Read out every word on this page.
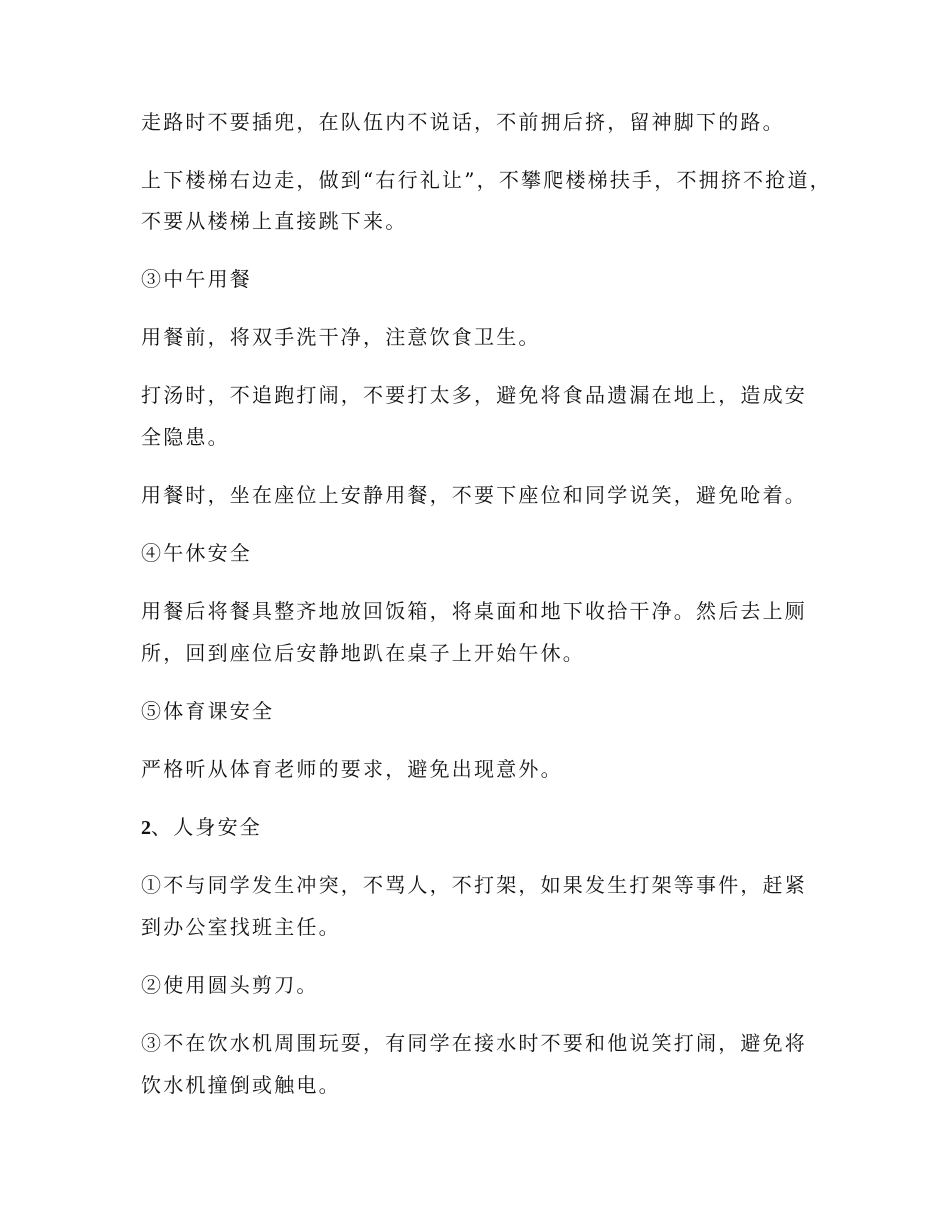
走路时不要插兜，在队伍内不说话，不前拥后挤，留神脚下的路。
上下楼梯右边走，做到“右行礼让”，不攀爬楼梯扶手，不拥挤不抢道，
不要从楼梯上直接跳下来。
③中午用餐
用餐前，将双手洗干净，注意饮食卫生。
打汤时，不追跑打闹，不要打太多，避免将食品遗漏在地上，造成安
全隐患。
用餐时，坐在座位上安静用餐，不要下座位和同学说笑，避免呛着。
④午休安全
用餐后将餐具整齐地放回饭箱，将桌面和地下收拾干净。然后去上厕
所，回到座位后安静地趴在桌子上开始午休。
⑤体育课安全
严格听从体育老师的要求，避免出现意外。
2、人身安全
①不与同学发生冲突，不骂人，不打架，如果发生打架等事件，赶紧
到办公室找班主任。
②使用圆头剪刀。
③不在饮水机周围玩耍，有同学在接水时不要和他说笑打闹，避免将
饮水机撞倒或触电。
